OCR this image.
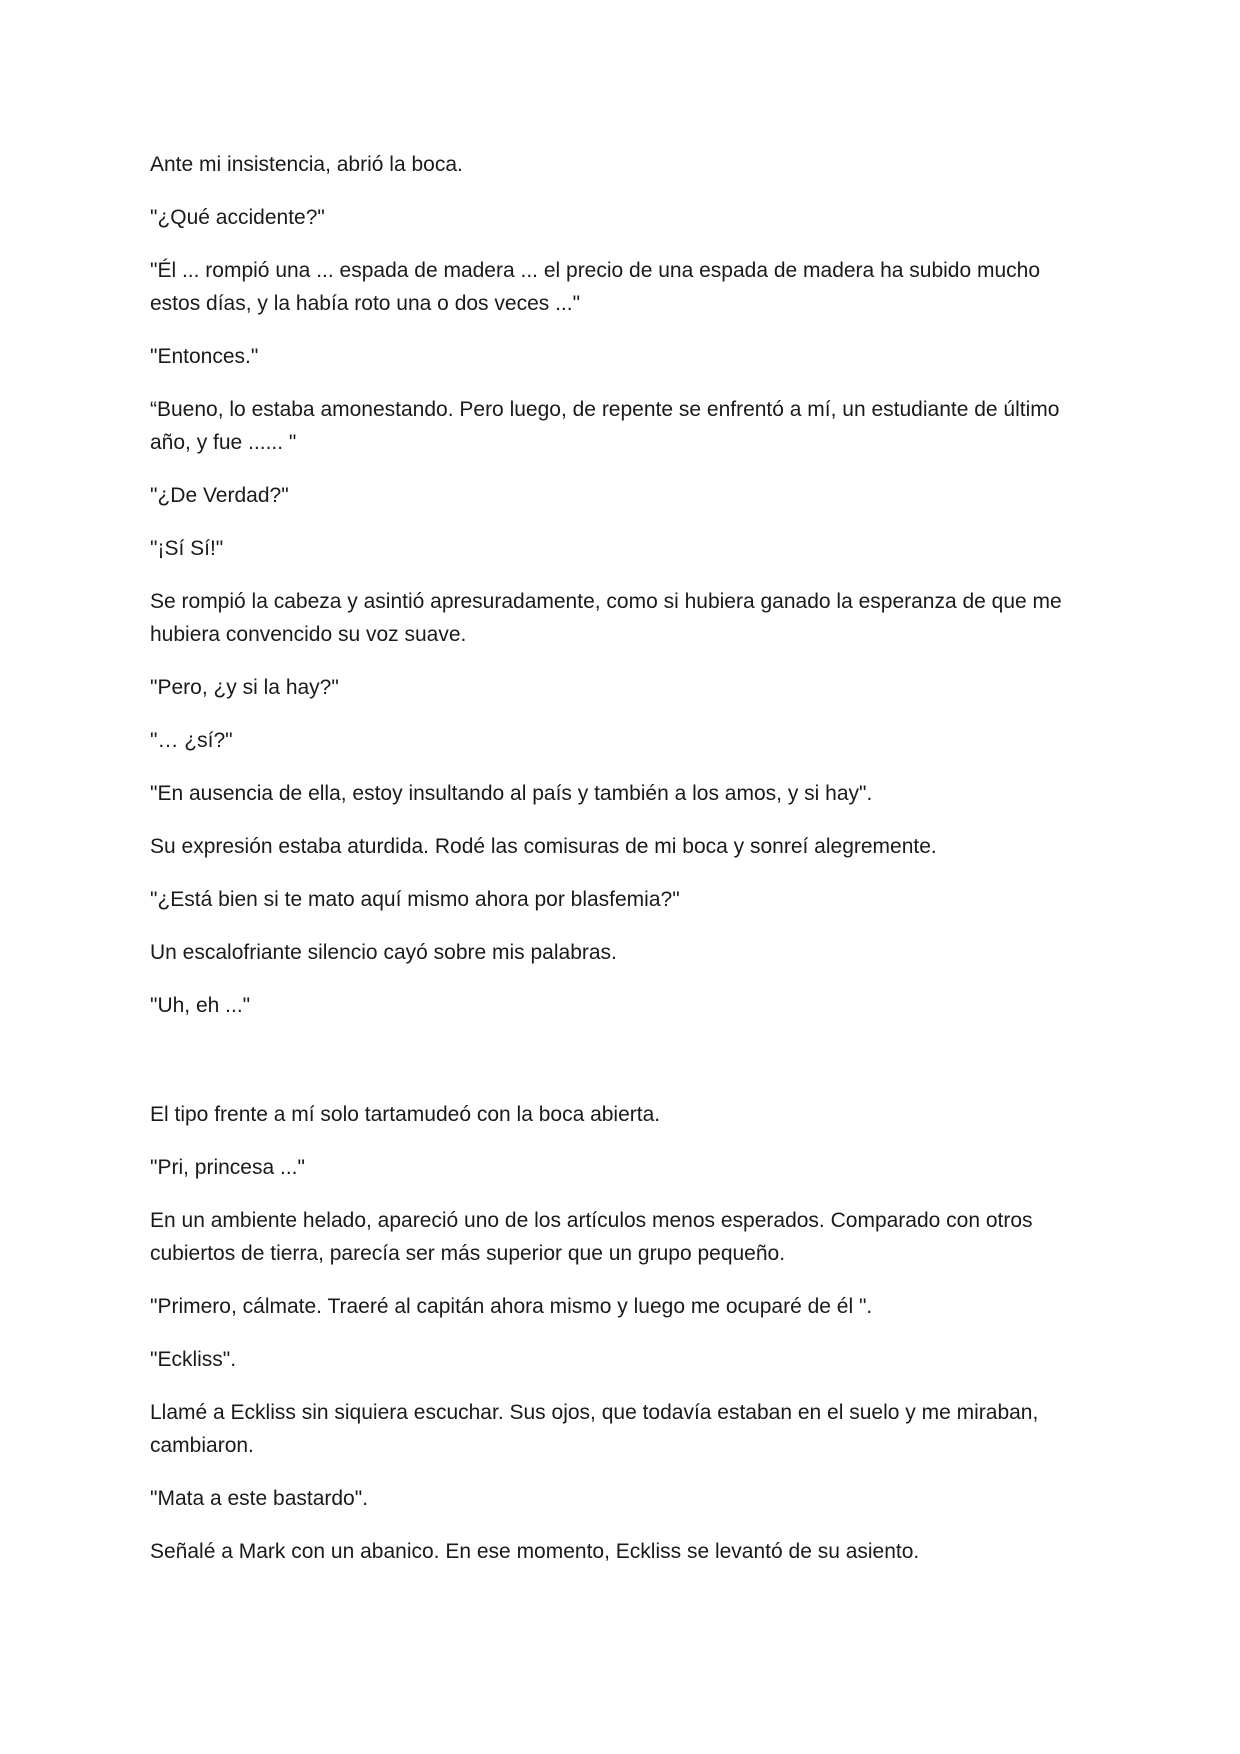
Ante mi insistencia, abrió la boca.

"¿Qué accidente?"

"Él ... rompió una ... espada de madera ... el precio de una espada de madera ha subido mucho estos días, y la había roto una o dos veces ..."

"Entonces."

“Bueno, lo estaba amonestando. Pero luego, de repente se enfrentó a mí, un estudiante de último año, y fue ...... "

"¿De Verdad?"

"¡Sí Sí!"

Se rompió la cabeza y asintió apresuradamente, como si hubiera ganado la esperanza de que me hubiera convencido su voz suave.

"Pero, ¿y si la hay?"

"… ¿sí?"

"En ausencia de ella, estoy insultando al país y también a los amos, y si hay".

Su expresión estaba aturdida. Rodé las comisuras de mi boca y sonreí alegremente.

"¿Está bien si te mato aquí mismo ahora por blasfemia?"

Un escalofriante silencio cayó sobre mis palabras.

"Uh, eh ..."

El tipo frente a mí solo tartamudeó con la boca abierta.

"Pri, princesa ..."

En un ambiente helado, apareció uno de los artículos menos esperados. Comparado con otros cubiertos de tierra, parecía ser más superior que un grupo pequeño.

"Primero, cálmate. Traeré al capitán ahora mismo y luego me ocuparé de él ".

"Eckliss".

Llamé a Eckliss sin siquiera escuchar. Sus ojos, que todavía estaban en el suelo y me miraban, cambiaron.

"Mata a este bastardo".

Señalé a Mark con un abanico. En ese momento, Eckliss se levantó de su asiento.
